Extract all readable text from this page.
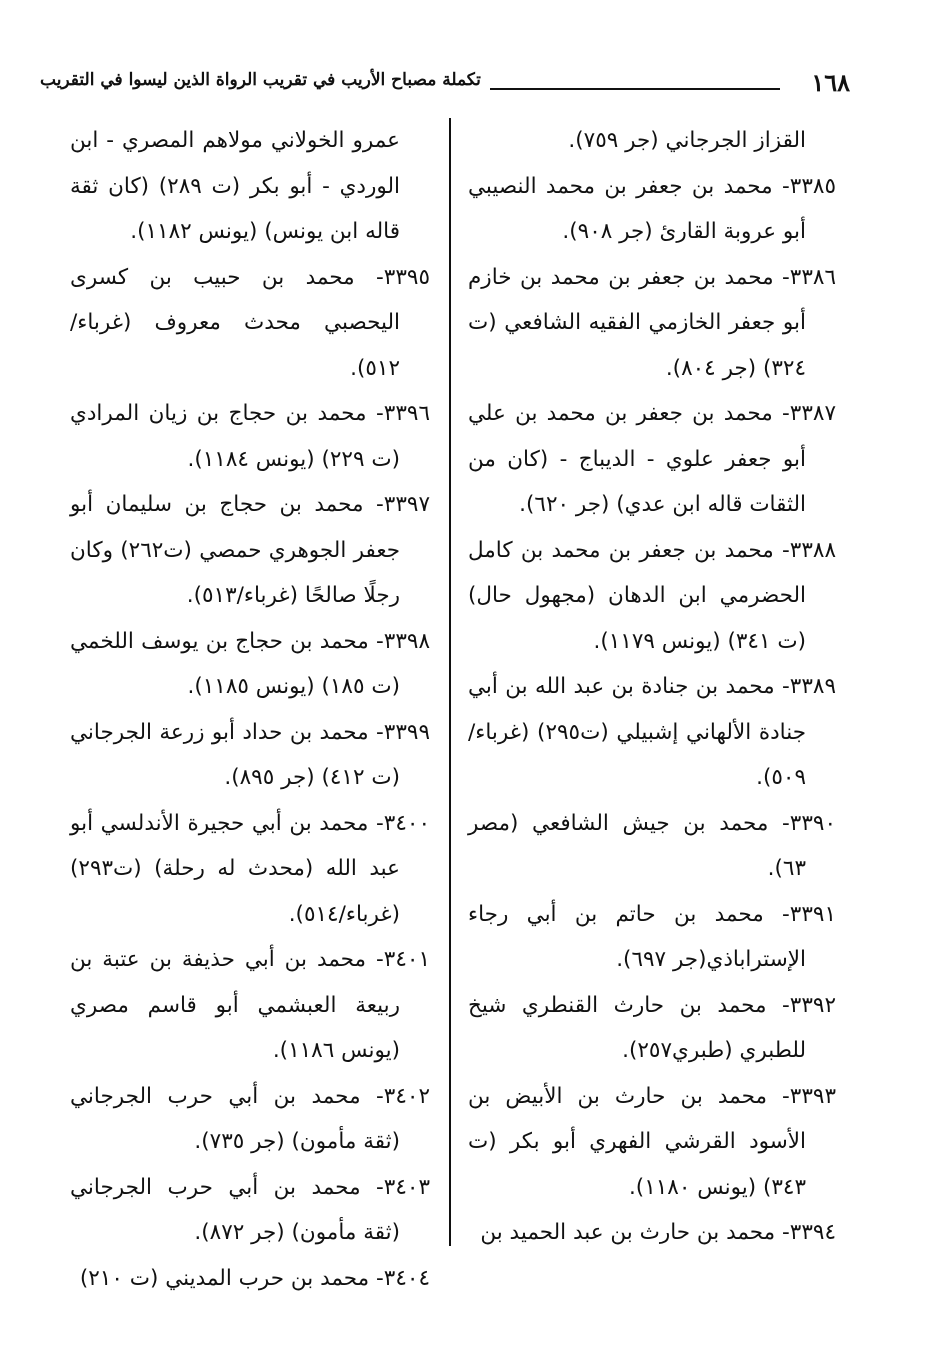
١٦٨
تكملة مصباح الأريب في تقريب الرواة الذين ليسوا في التقريب
القزاز الجرجاني (جر ٧٥٩).
٣٣٨٥- محمد بن جعفر بن محمد النصيبي أبو عروبة القارئ (جر ٩٠٨).
٣٣٨٦- محمد بن جعفر بن محمد بن خازم أبو جعفر الخازمي الفقيه الشافعي (ت ٣٢٤) (جر ٨٠٤).
٣٣٨٧- محمد بن جعفر بن محمد بن علي أبو جعفر علوي - الديباج - (كان من الثقات قاله ابن عدي) (جر ٦٢٠).
٣٣٨٨- محمد بن جعفر بن محمد بن كامل الحضرمي ابن الدهان (مجهول حال) (ت ٣٤١) (يونس ١١٧٩).
٣٣٨٩- محمد بن جنادة بن عبد الله بن أبي جنادة الألهاني إشبيلي (ت٢٩٥) (غرباء/٥٠٩).
٣٣٩٠- محمد بن جيش الشافعي (مصر ٦٣).
٣٣٩١- محمد بن حاتم بن أبي رجاء الإستراباذي(جر ٦٩٧).
٣٣٩٢- محمد بن حارث القنطري شيخ للطبري (طبري٢٥٧).
٣٣٩٣- محمد بن حارث بن الأبيض بن الأسود القرشي الفهري أبو بكر (ت ٣٤٣) (يونس ١١٨٠).
٣٣٩٤- محمد بن حارث بن عبد الحميد بن
عمرو الخولاني مولاهم المصري - ابن الوردي - أبو بكر (ت ٢٨٩) (كان ثقة قاله ابن يونس) (يونس ١١٨٢).
٣٣٩٥- محمد بن حبيب بن كسرى اليحصبي محدث معروف (غرباء/٥١٢).
٣٣٩٦- محمد بن حجاج بن زيان المرادي (ت ٢٢٩) (يونس ١١٨٤).
٣٣٩٧- محمد بن حجاج بن سليمان أبو جعفر الجوهري حمصي (ت٢٦٢) وكان رجلًا صالحًا (غرباء/٥١٣).
٣٣٩٨- محمد بن حجاج بن يوسف اللخمي (ت ١٨٥) (يونس ١١٨٥).
٣٣٩٩- محمد بن حداد أبو زرعة الجرجاني (ت ٤١٢) (جر ٨٩٥).
٣٤٠٠- محمد بن أبي حجيرة الأندلسي أبو عبد الله (محدث له رحلة) (ت٢٩٣) (غرباء/٥١٤).
٣٤٠١- محمد بن أبي حذيفة بن عتبة بن ربيعة العبشمي أبو قاسم مصري (يونس ١١٨٦).
٣٤٠٢- محمد بن أبي حرب الجرجاني (ثقة مأمون) (جر ٧٣٥).
٣٤٠٣- محمد بن أبي حرب الجرجاني (ثقة مأمون) (جر ٨٧٢).
٣٤٠٤- محمد بن حرب المديني (ت ٢١٠)
